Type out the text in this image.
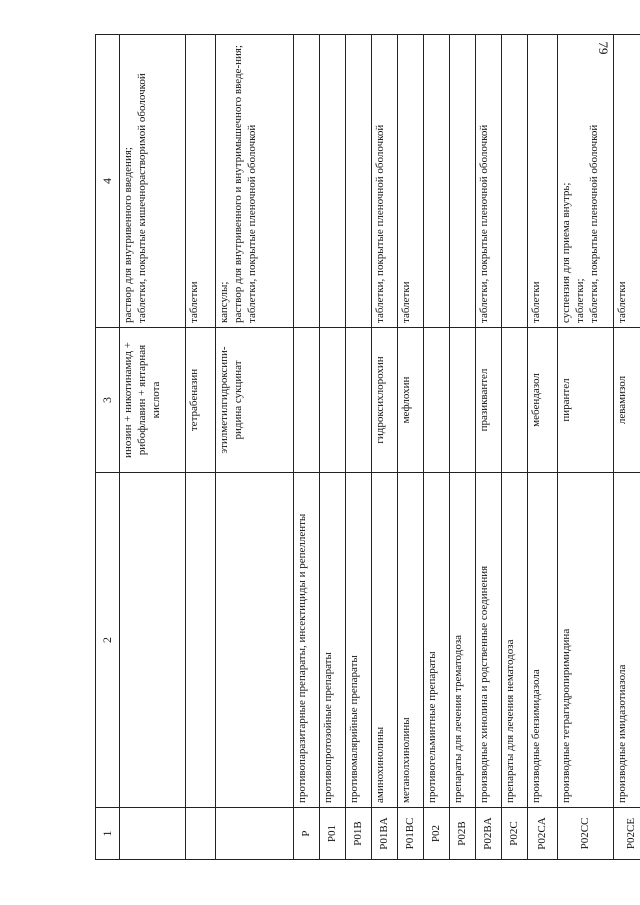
79
1	2	3	4
		инозин + никотинамид + рибофлавин + янтарная кислота	раствор для внутривенного введения;
таблетки, покрытые кишечнорастворимой оболочкой
		тетрабеназин	таблетки
		этилметилгидроксипи-ридина сукцинат	капсулы;
раствор для внутривенного и внутримышечного введе-ния;
таблетки, покрытые пленочной оболочкой
P	противопаразитарные препараты, инсектициды и репелленты		
P01	противопротозойные препараты		
P01B	противомалярийные препараты		
P01BA	аминохинолины	гидроксихлорохин	таблетки, покрытые пленочной оболочкой
P01BC	метанолхинолины	мефлохин	таблетки
P02	противогельминтные препараты		
P02B	препараты для лечения трематодоза		
P02BA	производные хинолина и родственные соединения	празиквантел	таблетки, покрытые пленочной оболочкой
P02C	препараты для лечения нематодоза		
P02CA	производные бензимидазола	мебендазол	таблетки
P02CC	производные тетрагидропиримидина	пирантел	суспензия для приема внутрь;
таблетки;
таблетки, покрытые пленочной оболочкой
P02CE	производные имидазотиазола	левамизол	таблетки
